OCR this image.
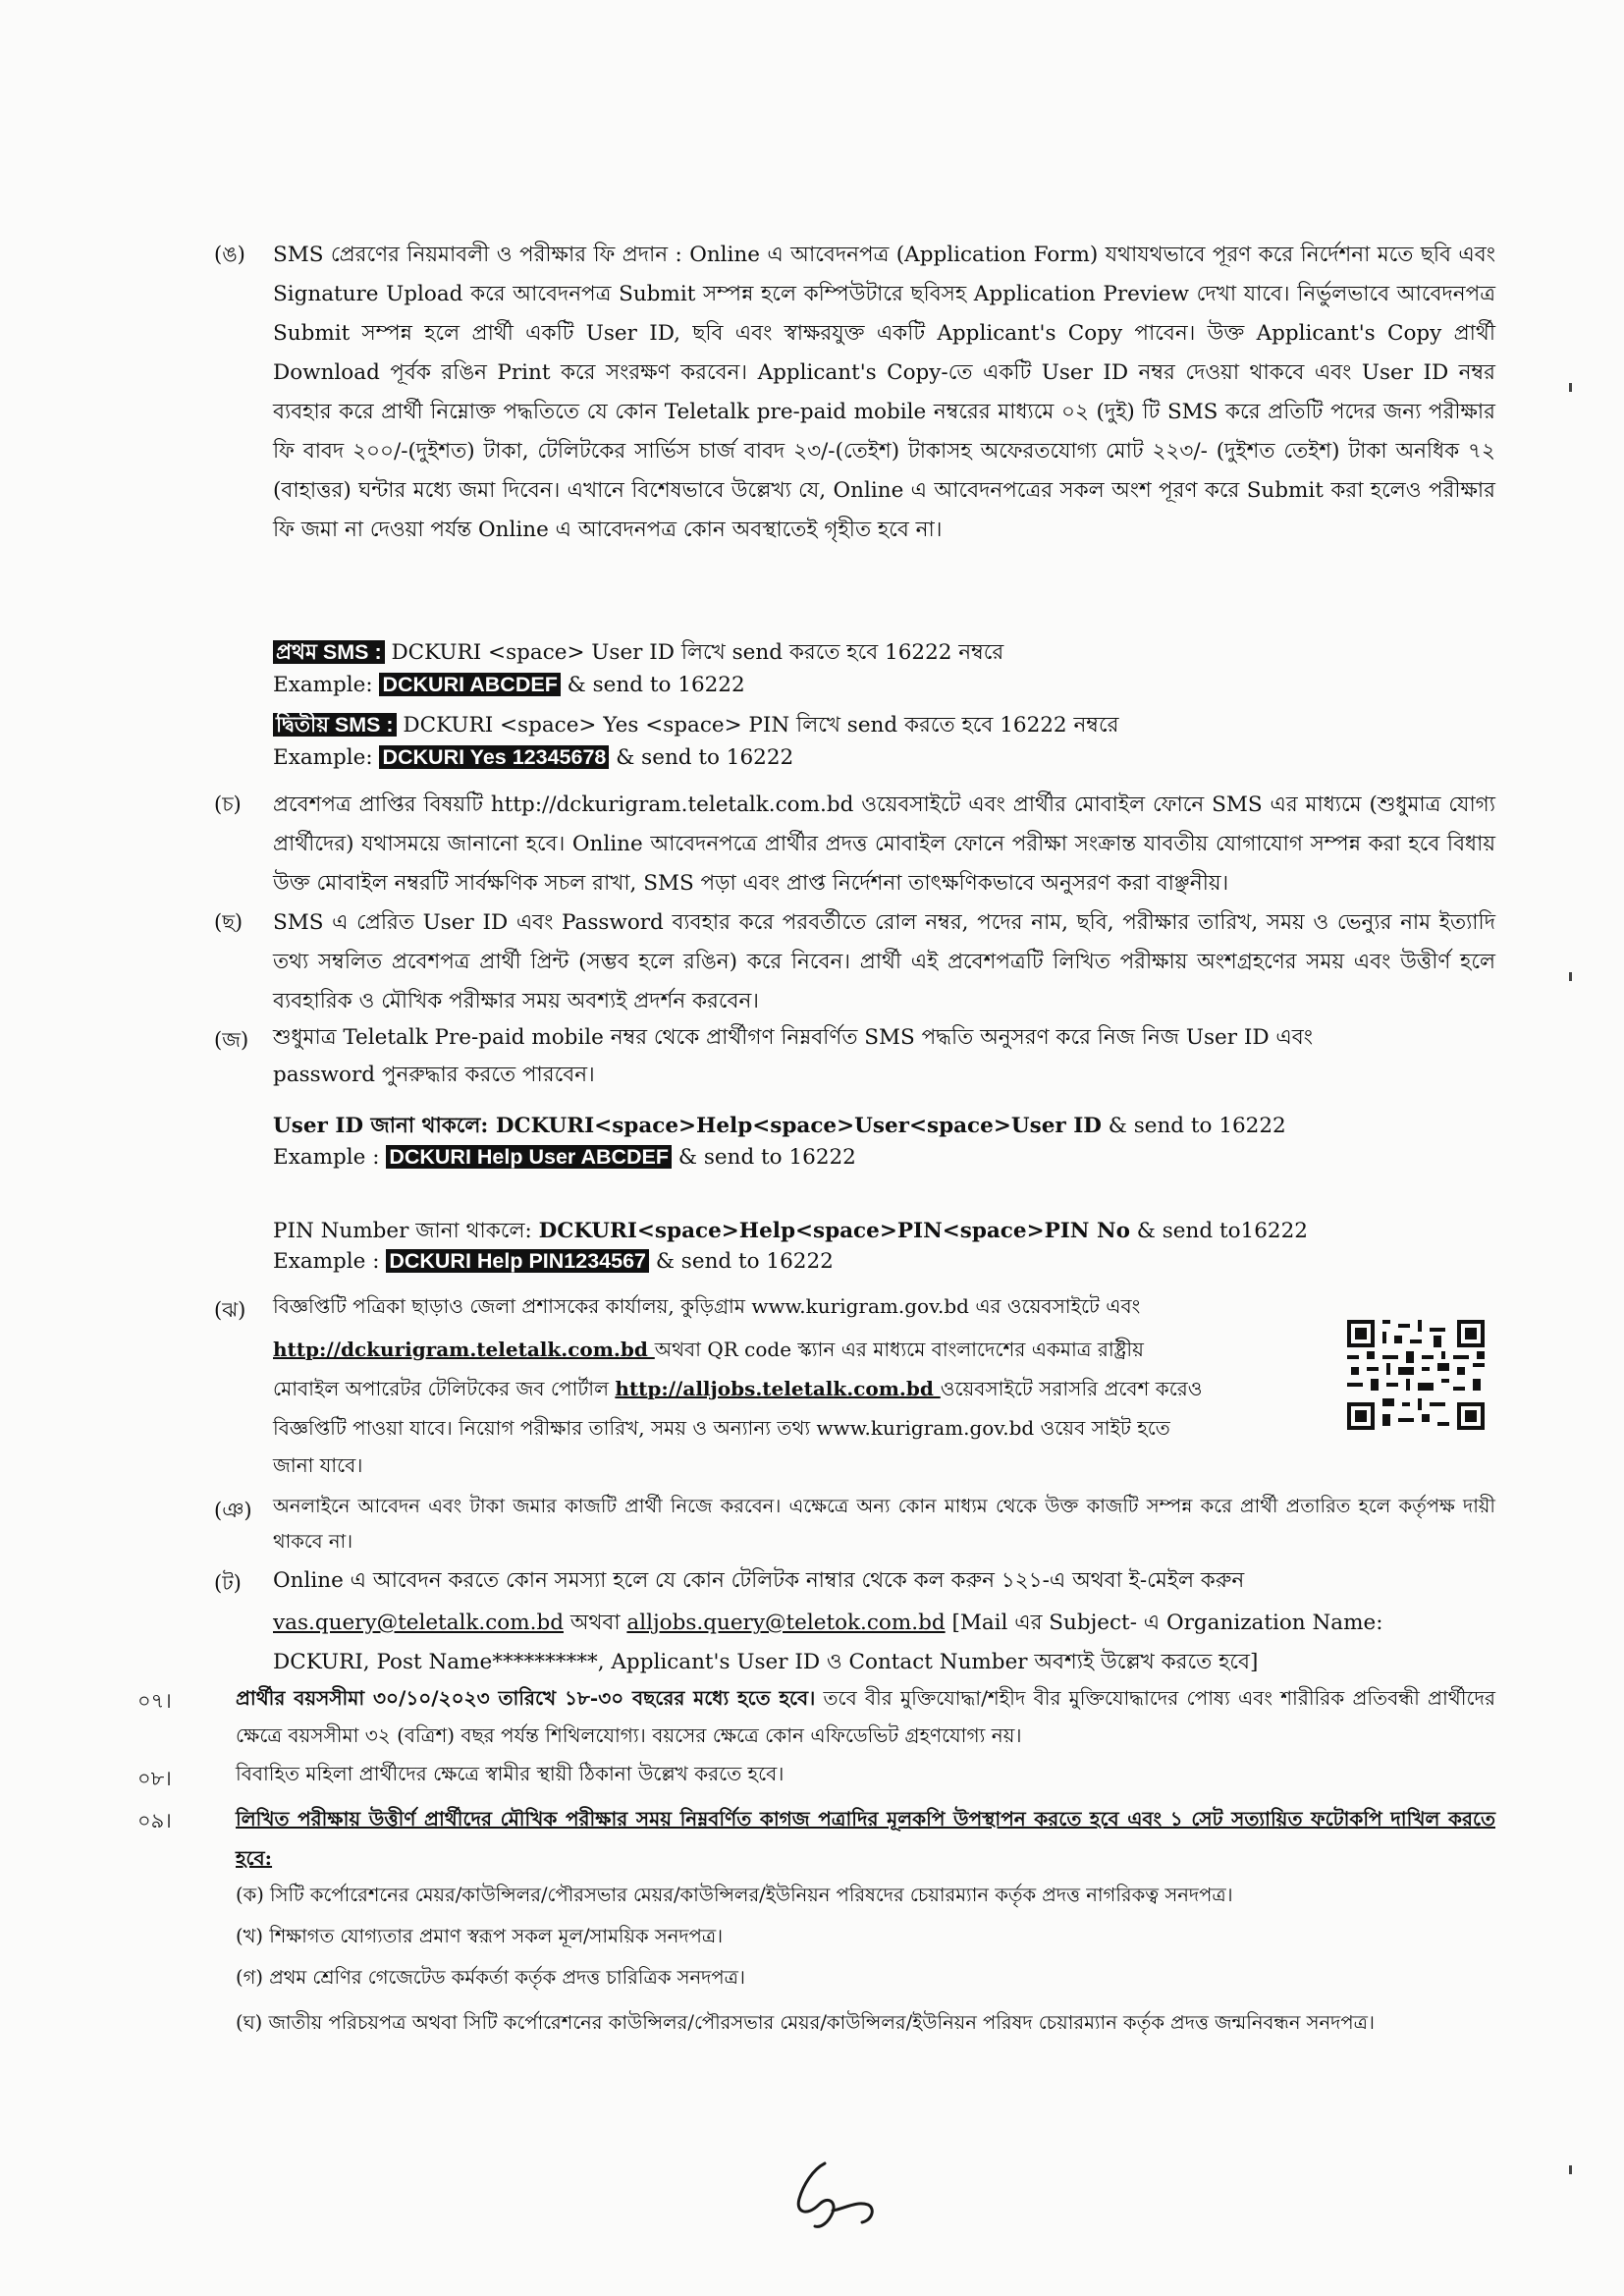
(ঙ) SMS প্রেরণের নিয়মাবলী ও পরীক্ষার ফি প্রদান : Online এ আবেদনপত্র (Application Form) যথাযথভাবে পূরণ করে নির্দেশনা মতে ছবি এবং Signature Upload করে আবেদনপত্র Submit সম্পন্ন হলে কম্পিউটারে ছবিসহ Application Preview দেখা যাবে। নির্ভুলভাবে আবেদনপত্র Submit সম্পন্ন হলে প্রার্থী একটি User ID, ছবি এবং স্বাক্ষরযুক্ত একটি Applicant's Copy পাবেন। উক্ত Applicant's Copy প্রার্থী Download পূর্বক রঙিন Print করে সংরক্ষণ করবেন। Applicant's Copy-তে একটি User ID নম্বর দেওয়া থাকবে এবং User ID নম্বর ব্যবহার করে প্রার্থী নিম্নোক্ত পদ্ধতিতে যে কোন Teletalk pre-paid mobile নম্বরের মাধ্যমে ০২ (দুই) টি SMS করে প্রতিটি পদের জন্য পরীক্ষার ফি বাবদ ২০০/-(দুইশত) টাকা, টেলিটকের সার্ভিস চার্জ বাবদ ২৩/-(তেইশ) টাকাসহ অফেরতযোগ্য মোট ২২৩/- (দুইশত তেইশ) টাকা অনধিক ৭২ (বাহাত্তর) ঘন্টার মধ্যে জমা দিবেন। এখানে বিশেষভাবে উল্লেখ্য যে, Online এ আবেদনপত্রের সকল অংশ পূরণ করে Submit করা হলেও পরীক্ষার ফি জমা না দেওয়া পর্যন্ত Online এ আবেদনপত্র কোন অবস্থাতেই গৃহীত হবে না।
প্রথম SMS : DCKURI <space> User ID লিখে send করতে হবে 16222 নম্বরে
Example: DCKURI ABCDEF & send to 16222
দ্বিতীয় SMS : DCKURI <space> Yes <space> PIN লিখে send করতে হবে 16222 নম্বরে
Example: DCKURI Yes 12345678 & send to 16222
(চ) প্রবেশপত্র প্রাপ্তির বিষয়টি http://dckurigram.teletalk.com.bd ওয়েবসাইটে এবং প্রার্থীর মোবাইল ফোনে SMS এর মাধ্যমে (শুধুমাত্র যোগ্য প্রার্থীদের) যথাসময়ে জানানো হবে। Online আবেদনপত্রে প্রার্থীর প্রদত্ত মোবাইল ফোনে পরীক্ষা সংক্রান্ত যাবতীয় যোগাযোগ সম্পন্ন করা হবে বিধায় উক্ত মোবাইল নম্বরটি সার্বক্ষণিক সচল রাখা, SMS পড়া এবং প্রাপ্ত নির্দেশনা তাৎক্ষণিকভাবে অনুসরণ করা বাঞ্ছনীয়।
(ছ) SMS এ প্রেরিত User ID এবং Password ব্যবহার করে পরবর্তীতে রোল নম্বর, পদের নাম, ছবি, পরীক্ষার তারিখ, সময় ও ভেন্যুর নাম ইত্যাদি তথ্য সম্বলিত প্রবেশপত্র প্রার্থী প্রিন্ট (সম্ভব হলে রঙিন) করে নিবেন। প্রার্থী এই প্রবেশপত্রটি লিখিত পরীক্ষায় অংশগ্রহণের সময় এবং উত্তীর্ণ হলে ব্যবহারিক ও মৌখিক পরীক্ষার সময় অবশ্যই প্রদর্শন করবেন।
(জ) শুধুমাত্র Teletalk Pre-paid mobile নম্বর থেকে প্রার্থীগণ নিম্নবর্ণিত SMS পদ্ধতি অনুসরণ করে নিজ নিজ User ID এবং
password পুনরুদ্ধার করতে পারবেন।
User ID জানা থাকলে: DCKURI<space>Help<space>User<space>User ID & send to 16222
Example : DCKURI Help User ABCDEF & send to 16222
PIN Number জানা থাকলে: DCKURI<space>Help<space>PIN<space>PIN No & send to16222
Example : DCKURI Help PIN1234567 & send to 16222
(ঝ) বিজ্ঞপ্তিটি পত্রিকা ছাড়াও জেলা প্রশাসকের কার্যালয়, কুড়িগ্রাম www.kurigram.gov.bd এর ওয়েবসাইটে এবং
http://dckurigram.teletalk.com.bd অথবা QR code স্ক্যান এর মাধ্যমে বাংলাদেশের একমাত্র রাষ্ট্রীয়
মোবাইল অপারেটর টেলিটকের জব পোর্টাল http://alljobs.teletalk.com.bd ওয়েবসাইটে সরাসরি প্রবেশ করেও
বিজ্ঞপ্তিটি পাওয়া যাবে। নিয়োগ পরীক্ষার তারিখ, সময় ও অন্যান্য তথ্য www.kurigram.gov.bd ওয়েব সাইট হতে
জানা যাবে।
(ঞ) অনলাইনে আবেদন এবং টাকা জমার কাজটি প্রার্থী নিজে করবেন। এক্ষেত্রে অন্য কোন মাধ্যম থেকে উক্ত কাজটি সম্পন্ন করে প্রার্থী প্রতারিত হলে কর্তৃপক্ষ দায়ী থাকবে না।
(ট) Online এ আবেদন করতে কোন সমস্যা হলে যে কোন টেলিটক নাম্বার থেকে কল করুন ১২১-এ অথবা ই-মেইল করুন
vas.query@teletalk.com.bd অথবা alljobs.query@teletok.com.bd [Mail এর Subject- এ Organization Name:
DCKURI, Post Name**********, Applicant's User ID ও Contact Number অবশ্যই উল্লেখ করতে হবে]
০৭।	প্রার্থীর বয়সসীমা ৩০/১০/২০২৩ তারিখে ১৮-৩০ বছরের মধ্যে হতে হবে। তবে বীর মুক্তিযোদ্ধা/শহীদ বীর মুক্তিযোদ্ধাদের পোষ্য এবং শারীরিক প্রতিবন্ধী প্রার্থীদের ক্ষেত্রে বয়সসীমা ৩২ (বত্রিশ) বছর পর্যন্ত শিথিলযোগ্য। বয়সের ক্ষেত্রে কোন এফিডেভিট গ্রহণযোগ্য নয়।
০৮।	বিবাহিত মহিলা প্রার্থীদের ক্ষেত্রে স্বামীর স্থায়ী ঠিকানা উল্লেখ করতে হবে।
০৯।	লিখিত পরীক্ষায় উত্তীর্ণ প্রার্থীদের মৌখিক পরীক্ষার সময় নিম্নবর্ণিত কাগজ পত্রাদির মূলকপি উপস্থাপন করতে হবে এবং ১ সেট সত্যায়িত ফটোকপি দাখিল করতে হবে:
(ক) সিটি কর্পোরেশনের মেয়র/কাউন্সিলর/পৌরসভার মেয়র/কাউন্সিলর/ইউনিয়ন পরিষদের চেয়ারম্যান কর্তৃক প্রদত্ত নাগরিকত্ব সনদপত্র।
(খ) শিক্ষাগত যোগ্যতার প্রমাণ স্বরূপ সকল মূল/সাময়িক সনদপত্র।
(গ) প্রথম শ্রেণির গেজেটেড কর্মকর্তা কর্তৃক প্রদত্ত চারিত্রিক সনদপত্র।
(ঘ) জাতীয় পরিচয়পত্র অথবা সিটি কর্পোরেশনের কাউন্সিলর/পৌরসভার মেয়র/কাউন্সিলর/ইউনিয়ন পরিষদ চেয়ারম্যান কর্তৃক প্রদত্ত জন্মনিবন্ধন সনদপত্র।
